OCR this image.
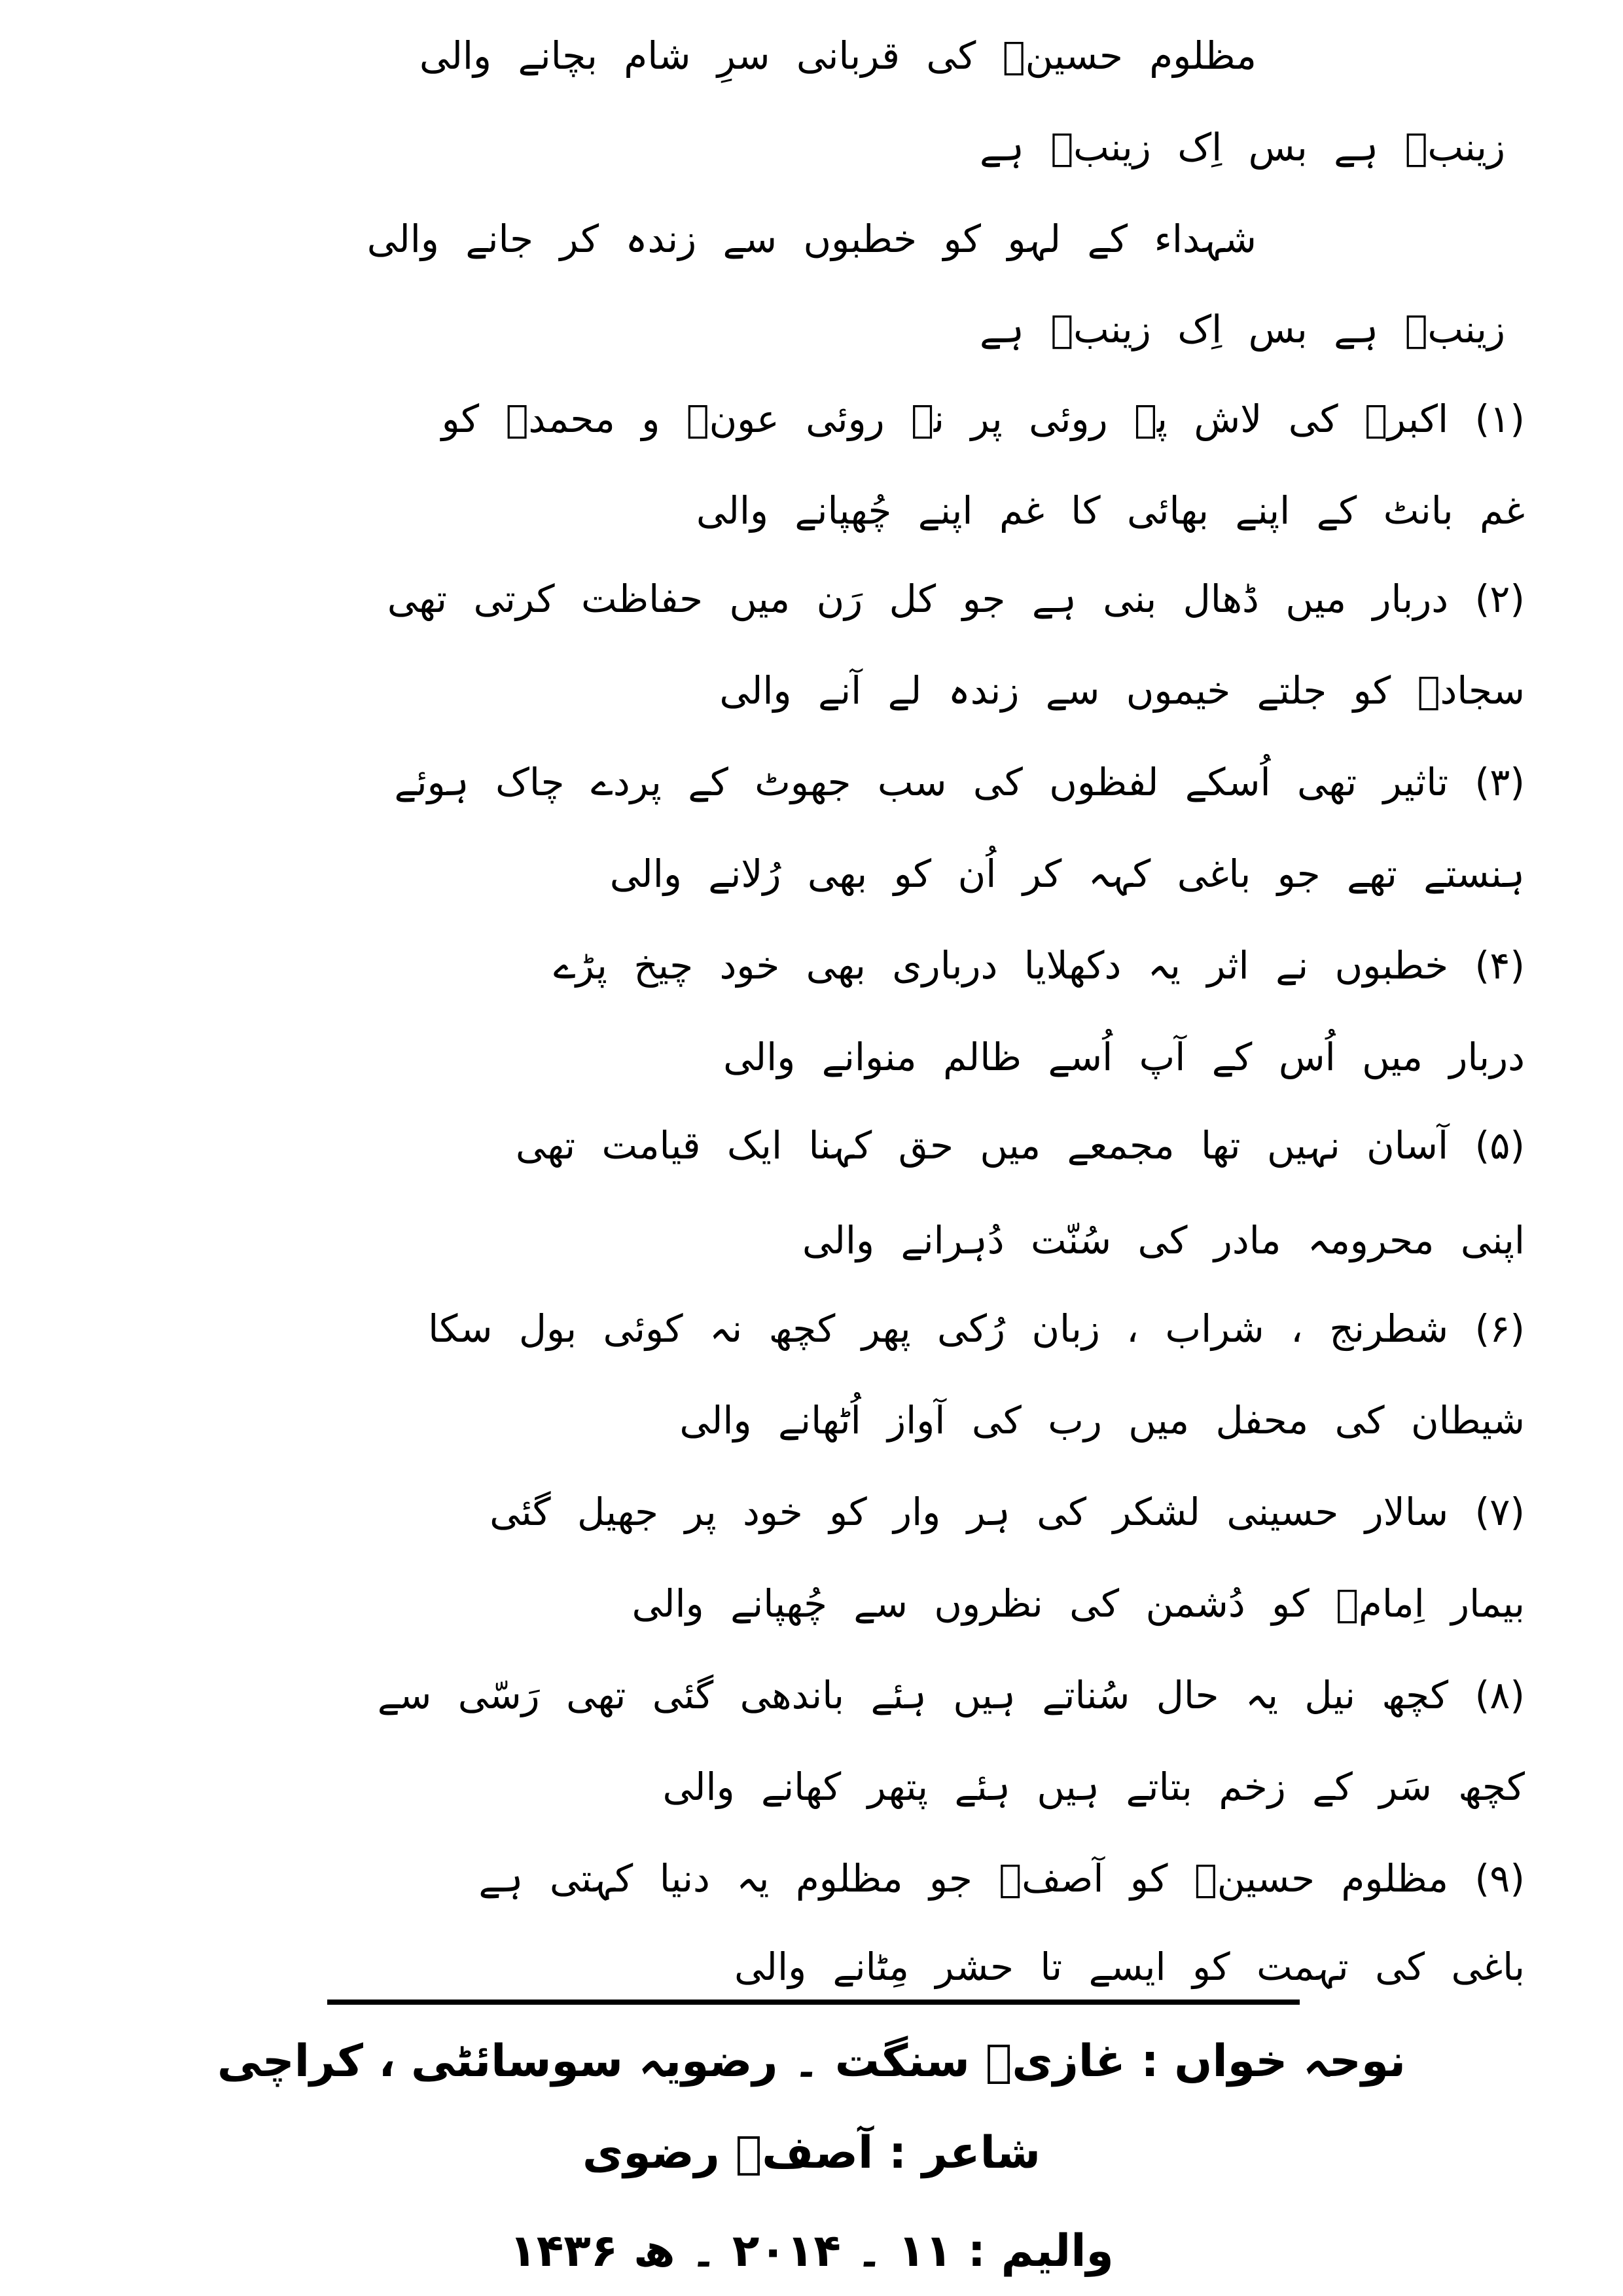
مظلوم حسینؑ کی قربانی سرِ شام بچانے والی
زینبؑ ہے بس اِک زینبؑ ہے
شہداء کے لہو کو خطبوں سے زندہ کر جانے والی
زینبؑ ہے بس اِک زینبؑ ہے
(۱) اکبرؑ کی لاش پہ روئی پر نہ روئی عونؑ و محمدؑ کو
غم بانٹ کے اپنے بھائی کا غم اپنے چُھپانے والی
(۲) دربار میں ڈھال بنی ہے جو کل رَن میں حفاظت کرتی تھی
سجادؑ کو جلتے خیموں سے زندہ لے آنے والی
(۳) تاثیر تھی اُسکے لفظوں کی سب جھوٹ کے پردے چاک ہوئے
ہنستے تھے جو باغی کہہ کر اُن کو بھی رُلانے والی
(۴) خطبوں نے اثر یہ دکھلایا درباری بھی خود چیخ پڑے
دربار میں اُس کے آپ اُسے ظالم منوانے والی
(۵) آسان نہیں تھا مجمعے میں حق کہنا ایک قیامت تھی
اپنی محرومہ مادر کی سُنّت دُہرانے والی
(۶) شطرنج ، شراب ، زبان رُکی پھر کچھ نہ کوئی بول سکا
شیطان کی محفل میں رب کی آواز اُٹھانے والی
(۷) سالار حسینی لشکر کی ہر وار کو خود پر جھیل گئی
بیمار اِمامؑ کو دُشمن کی نظروں سے چُھپانے والی
(۸) کچھ نیل یہ حال سُناتے ہیں ہئے باندھی گئی تھی رَسّی سے
کچھ سَر کے زخم بتاتے ہیں ہئے پتھر کھانے والی
(۹) مظلوم حسینؑ کو آصفؔ جو مظلوم یہ دنیا کہتی ہے
باغی کی تہمت کو ایسے تا حشر مِٹانے والی
نوحہ خواں : غازیؑ سنگت ۔ رضویہ سوسائٹی ، کراچی
شاعر : آصفؔ رضوی
والیم : ۱۱ ۔ ۲۰۱۴ ۔ ھ ۱۴۳۶
